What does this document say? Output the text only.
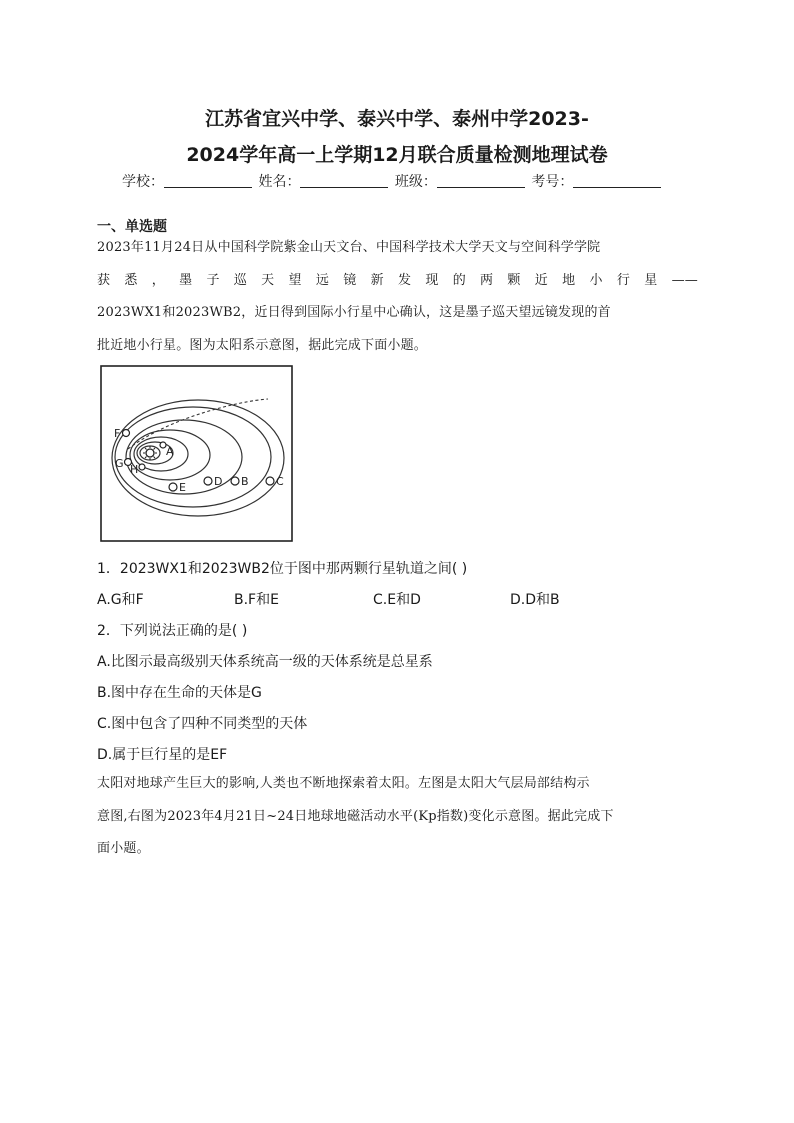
江苏省宜兴中学、泰兴中学、泰州中学2023-
2024学年高一上学期12月联合质量检测地理试卷
学校：	姓名：	班级：	考号：
一、单选题
2023年11月24日从中国科学院紫金山天文台、中国科学技术大学天文与空间科学学院
获悉，墨子巡天望远镜新发现的两颗近地小行星——
2023WX1和2023WB2，近日得到国际小行星中心确认，这是墨子巡天望远镜发现的首
批近地小行星。图为太阳系示意图，据此完成下面小题。
F
G H
A
E	D B C
1．2023WX1和2023WB2位于图中那两颗行星轨道之间( )
A.G和F	B.F和E	C.E和D	D.D和B
2．下列说法正确的是( )
A.比图示最高级别天体系统高一级的天体系统是总星系
B.图中存在生命的天体是G
C.图中包含了四种不同类型的天体
D.属于巨行星的是EF
太阳对地球产生巨大的影响,人类也不断地探索着太阳。左图是太阳大气层局部结构示
意图,右图为2023年4月21日~24日地球地磁活动水平(Kp指数)变化示意图。据此完成下
面小题。
